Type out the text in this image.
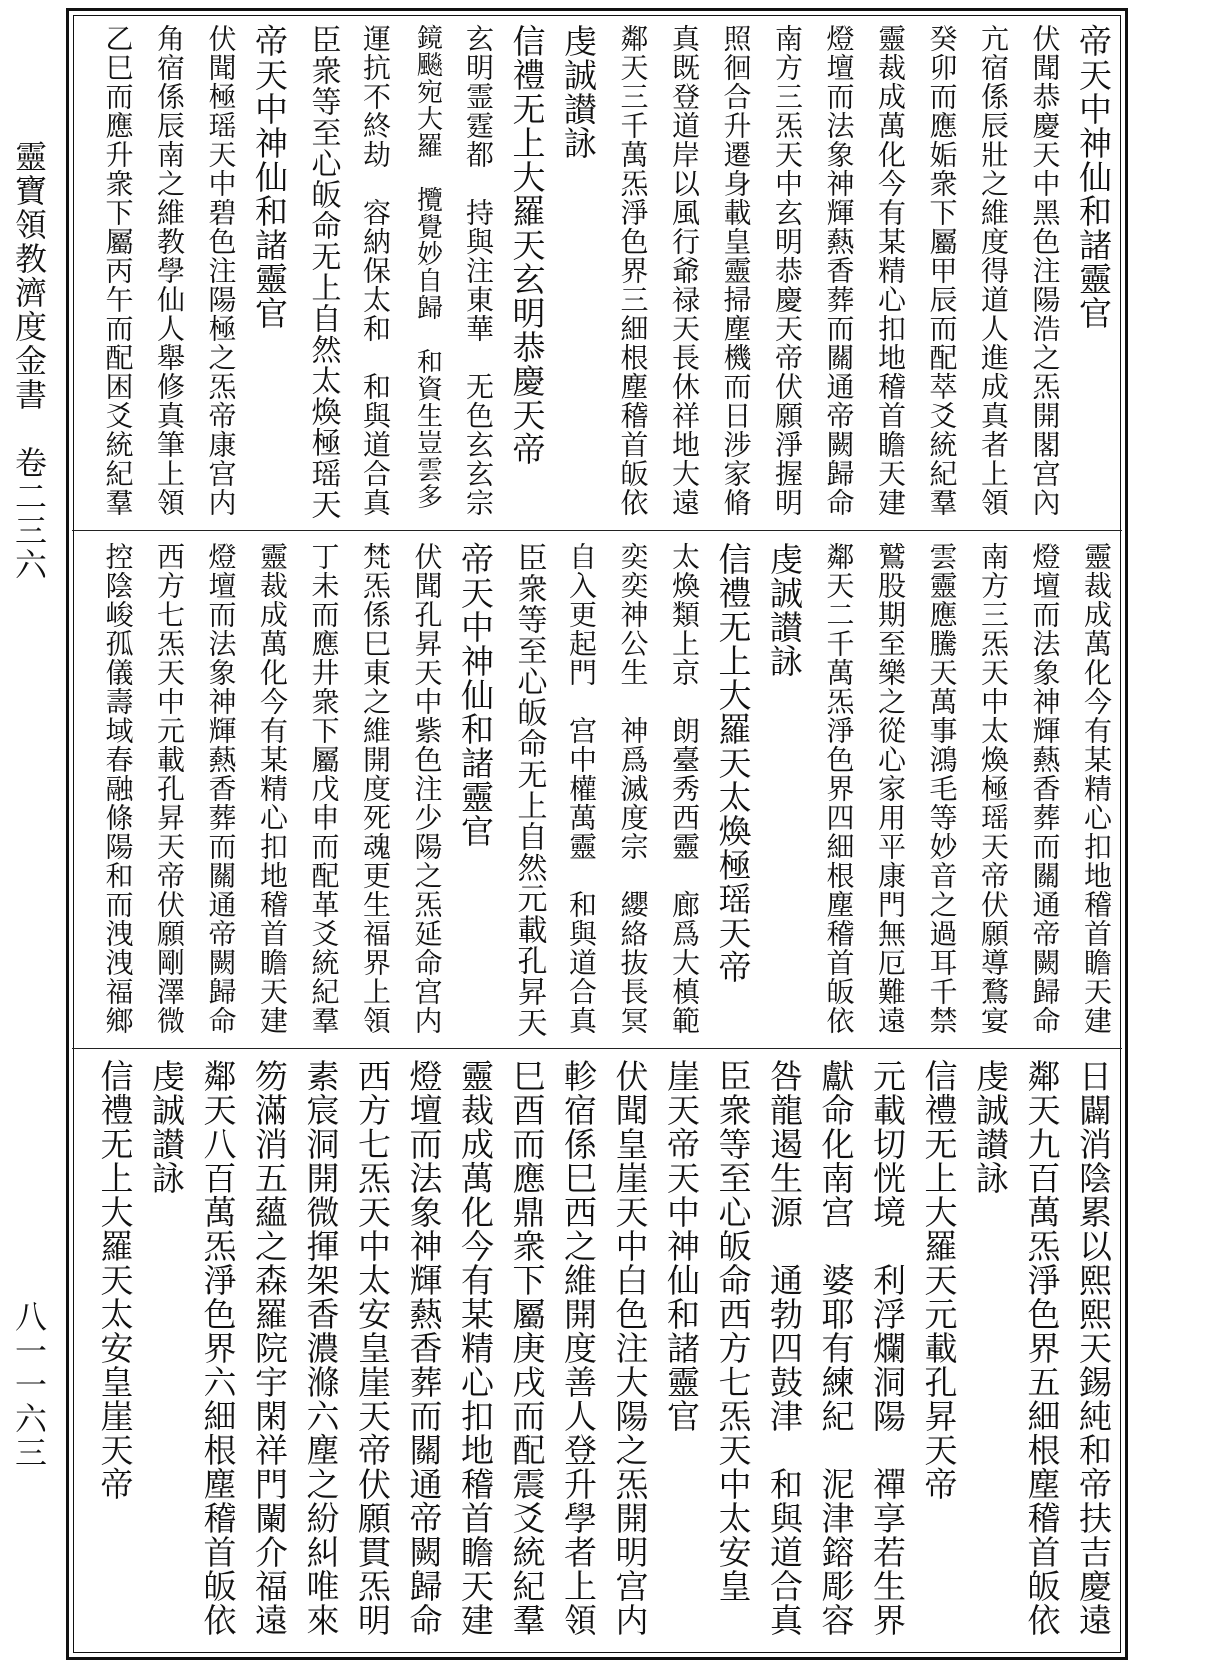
靈寶領教濟度金書　卷二三六
八一一六三
帝天中神仙和諸靈官
伏聞恭慶天中黑色注陽浩之炁開閣宫內
亢宿係辰壯之維度得道人進成真者上領
癸卯而應姤衆下屬甲辰而配萃爻統紀羣
靈裁成萬化今有某精心扣地稽首瞻天建
燈壇而法象神輝爇香葬而關通帝闕歸命
南方三炁天中玄明恭慶天帝伏願淨握明
照徊合升遷身載皇靈掃塵機而日涉家脩
真既登道岸以風行爺禄天長休祥地大遠
鄰天三千萬炁淨色界三細根塵稽首皈依
虔誠讃詠
信禮无上大羅天玄明恭慶天帝
玄明霊霆都　持與注東華　无色玄玄宗
鏡飈宛大羅　攬覺妙自歸　和資生豈雲多
運抗不終劫　容納保太和　和與道合真
臣衆等至心皈命无上自然太煥極瑶天
帝天中神仙和諸靈官
伏聞極瑶天中碧色注陽極之炁帝康宫内
角宿係辰南之維教學仙人舉修真筆上領
乙巳而應升衆下屬丙午而配困爻統紀羣
靈裁成萬化今有某精心扣地稽首瞻天建
燈壇而法象神輝爇香葬而關通帝闕歸命
南方三炁天中太煥極瑶天帝伏願導鶩宴
雲靈應騰天萬事鴻毛等妙音之過耳千禁
鷲股期至樂之從心家用平康門無厄難遠
鄰天二千萬炁淨色界四細根塵稽首皈依
虔誠讃詠
信禮无上大羅天太煥極瑶天帝
太煥類上京　朗臺秀西靈　廊爲大槙範
奕奕神公生　神爲滅度宗　纓絡抜長冥
自入更起門　宫中權萬靈　和與道合真
臣衆等至心皈命无上自然元載孔昇天
帝天中神仙和諸靈官
伏聞孔昇天中紫色注少陽之炁延命宫内
梵炁係巳東之維開度死魂更生福界上領
丁未而應井衆下屬戊申而配革爻統紀羣
靈裁成萬化今有某精心扣地稽首瞻天建
燈壇而法象神輝爇香葬而關通帝闕歸命
西方七炁天中元載孔昇天帝伏願剛澤微
控陰峻孤儀壽域春融條陽和而洩洩福鄉
日闢消陰累以熙熙天錫純和帝扶吉慶遠
鄰天九百萬炁淨色界五細根塵稽首皈依
虔誠讃詠
信禮无上大羅天元載孔昇天帝
元載切恍境　利浮爛洞陽　禪享若生界
獻命化南宫　婆耶有練紀　泥津鎔彫容
咎龍遏生源　通勃四鼓津　和與道合真
臣衆等至心皈命西方七炁天中太安皇
崖天帝天中神仙和諸靈官
伏聞皇崖天中白色注大陽之炁開明宫内
軫宿係巳西之維開度善人登升學者上領
巳酉而應鼎衆下屬庚戌而配震爻統紀羣
靈裁成萬化今有某精心扣地稽首瞻天建
燈壇而法象神輝爇香葬而關通帝闕歸命
西方七炁天中太安皇崖天帝伏願貫炁明
素宸洞開微揮架香濃滌六塵之紛糾唯來
笏滿消五蘊之森羅院宇閑祥門闌介福遠
鄰天八百萬炁淨色界六細根塵稽首皈依
虔誠讃詠
信禮无上大羅天太安皇崖天帝
